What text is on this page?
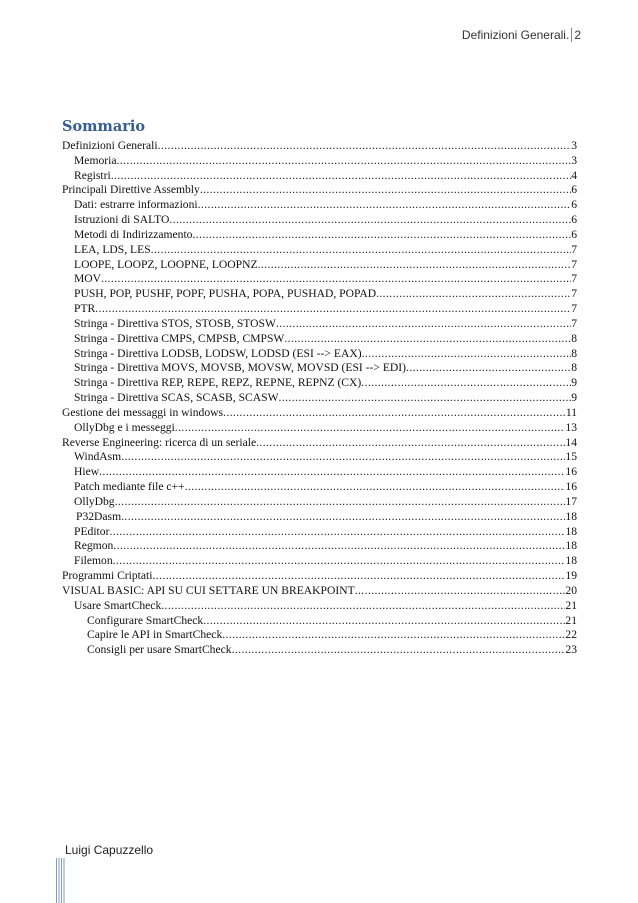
Definizioni Generali. 2
Sommario
Definizioni Generali .....	3
Memoria .....	3
Registri .....	4
Principali Direttive Assembly .....	6
Dati: estrarre informazioni .....	6
Istruzioni di SALTO .....	6
Metodi di Indirizzamento .....	6
LEA, LDS, LES .....	7
LOOPE, LOOPZ, LOOPNE, LOOPNZ .....	7
MOV .....	7
PUSH, POP, PUSHF, POPF, PUSHA, POPA, PUSHAD, POPAD .....	7
PTR .....	7
Stringa - Direttiva STOS, STOSB, STOSW .....	7
Stringa - Direttiva CMPS, CMPSB, CMPSW .....	8
Stringa - Direttiva LODSB, LODSW, LODSD (ESI --> EAX) .....	8
Stringa - Direttiva MOVS, MOVSB, MOVSW, MOVSD (ESI --> EDI) .....	8
Stringa - Direttiva REP, REPE, REPZ, REPNE, REPNZ (CX) .....	9
Stringa - Direttiva SCAS, SCASB, SCASW .....	9
Gestione dei messaggi in windows .....	11
OllyDbg e i messeggi .....	13
Reverse Engineering: ricerca di un seriale .....	14
WindAsm .....	15
Hiew .....	16
Patch mediante file c++ .....	16
OllyDbg .....	17
P32Dasm .....	18
PEditor .....	18
Regmon .....	18
Filemon .....	18
Programmi Criptati .....	19
VISUAL BASIC: API SU CUI SETTARE UN BREAKPOINT .....	20
Usare SmartCheck .....	21
Configurare SmartCheck .....	21
Capire le API in SmartCheck .....	22
Consigli per usare SmartCheck .....	23
Luigi Capuzzello
